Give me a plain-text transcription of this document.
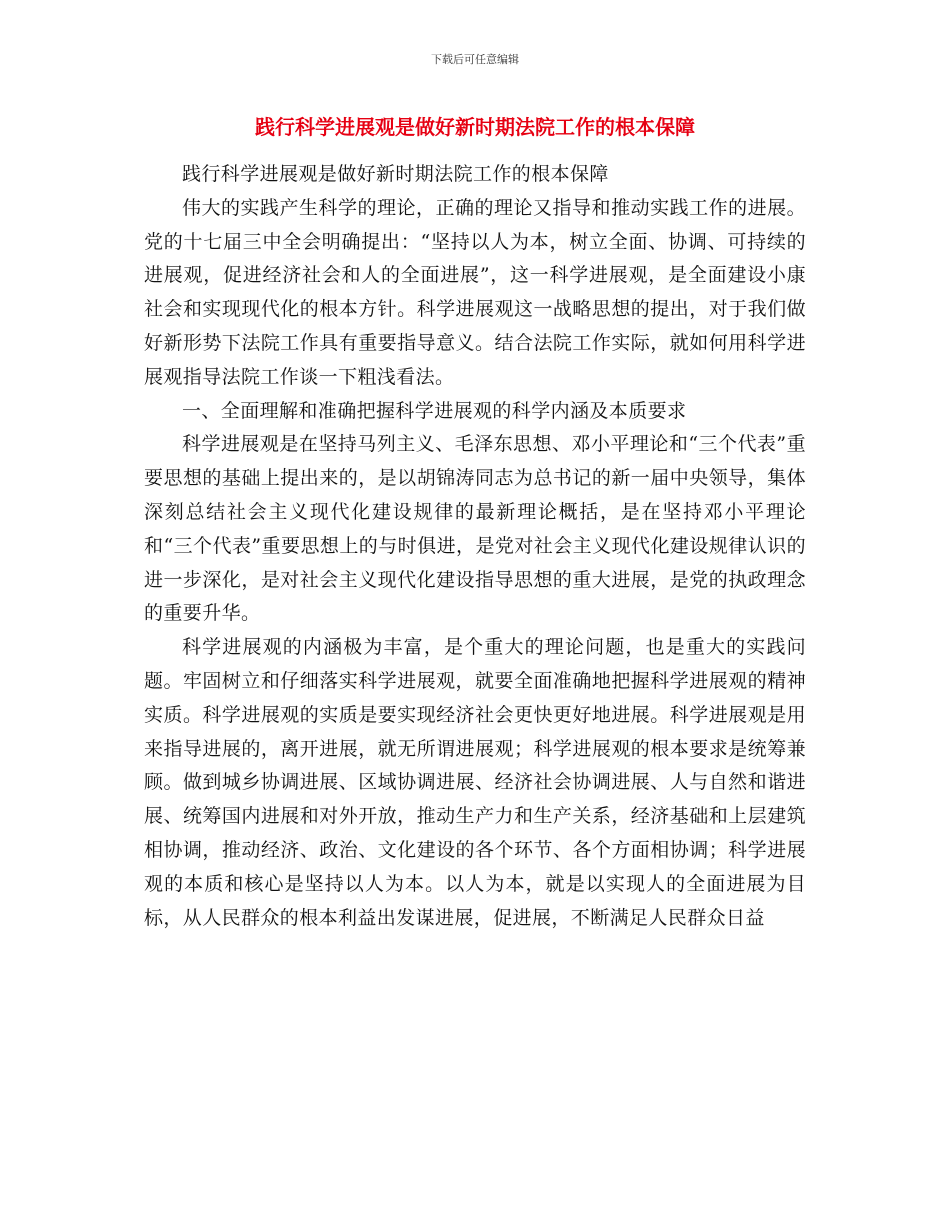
下载后可任意编辑
践行科学进展观是做好新时期法院工作的根本保障

践行科学进展观是做好新时期法院工作的根本保障

伟大的实践产生科学的理论，正确的理论又指导和推动实践工作的进展。党的十七届三中全会明确提出：“坚持以人为本，树立全面、协调、可持续的进展观，促进经济社会和人的全面进展”，这一科学进展观，是全面建设小康社会和实现现代化的根本方针。科学进展观这一战略思想的提出，对于我们做好新形势下法院工作具有重要指导意义。结合法院工作实际，就如何用科学进展观指导法院工作谈一下粗浅看法。

一、全面理解和准确把握科学进展观的科学内涵及本质要求

科学进展观是在坚持马列主义、毛泽东思想、邓小平理论和“三个代表”重要思想的基础上提出来的，是以胡锦涛同志为总书记的新一届中央领导，集体深刻总结社会主义现代化建设规律的最新理论概括，是在坚持邓小平理论和“三个代表”重要思想上的与时俱进，是党对社会主义现代化建设规律认识的进一步深化，是对社会主义现代化建设指导思想的重大进展，是党的执政理念的重要升华。

科学进展观的内涵极为丰富，是个重大的理论问题，也是重大的实践问题。牢固树立和仔细落实科学进展观，就要全面准确地把握科学进展观的精神实质。科学进展观的实质是要实现经济社会更快更好地进展。科学进展观是用来指导进展的，离开进展，就无所谓进展观；科学进展观的根本要求是统筹兼顾。做到城乡协调进展、区域协调进展、经济社会协调进展、人与自然和谐进展、统筹国内进展和对外开放，推动生产力和生产关系，经济基础和上层建筑相协调，推动经济、政治、文化建设的各个环节、各个方面相协调；科学进展观的本质和核心是坚持以人为本。以人为本，就是以实现人的全面进展为目标，从人民群众的根本利益出发谋进展，促进展，不断满足人民群众日益
